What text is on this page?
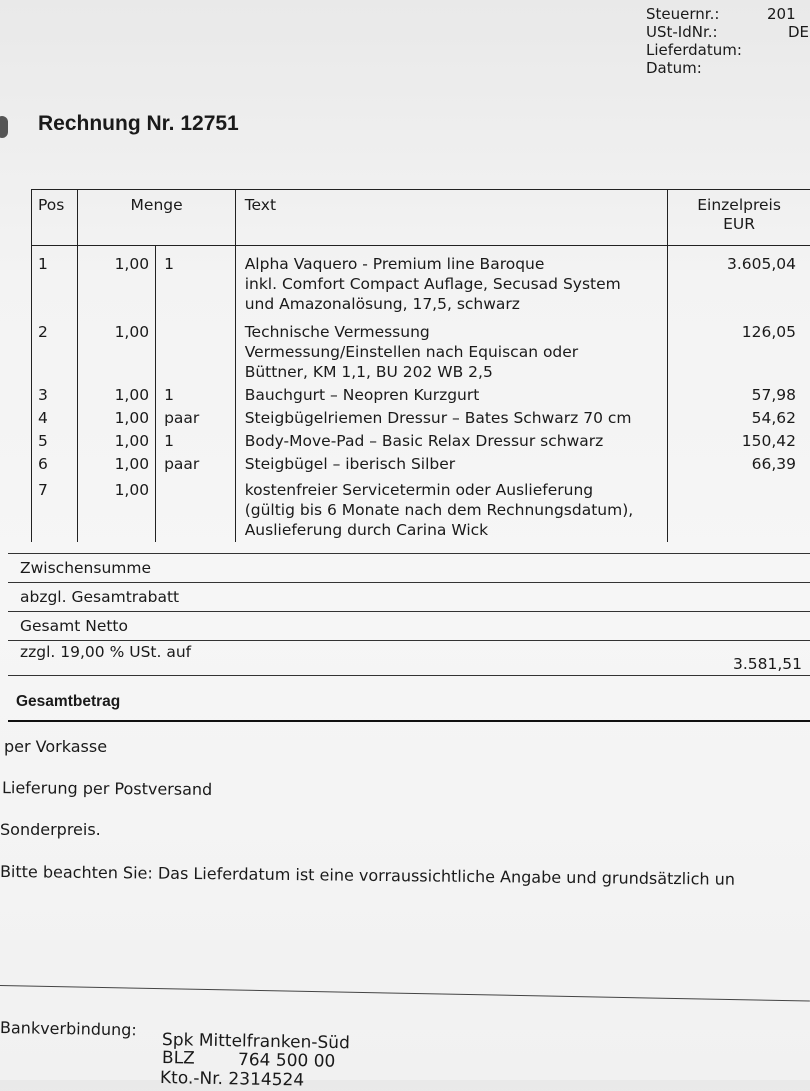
Steuernr.:	201
USt-IdNr.:	DE
Lieferdatum:
Datum:
Rechnung Nr. 12751
Pos	Menge		Text	Einzelpreis
EUR

1	1,00	1	Alpha Vaquero - Premium line Baroque
inkl. Comfort Compact Auflage, Secusad System
und Amazonalösung, 17,5, schwarz	3.605,04
2	1,00		Technische Vermessung
Vermessung/Einstellen nach Equiscan oder
Büttner, KM 1,1, BU 202 WB 2,5	126,05
3	1,00	1	Bauchgurt – Neopren Kurzgurt	57,98
4	1,00	paar	Steigbügelriemen Dressur – Bates Schwarz 70 cm	54,62
5	1,00	1	Body-Move-Pad – Basic Relax Dressur schwarz	150,42
6	1,00	paar	Steigbügel – iberisch Silber	66,39
7	1,00		kostenfreier Servicetermin oder Auslieferung
(gültig bis 6 Monate nach dem Rechnungsdatum),
Auslieferung durch Carina Wick	

Zwischensumme
abzgl. Gesamtrabatt
Gesamt Netto
zzgl. 19,00 % USt. auf
3.581,51
Gesamtbetrag
per Vorkasse
Lieferung per Postversand
Sonderpreis.
Bitte beachten Sie: Das Lieferdatum ist eine vorraussichtliche Angabe und grundsätzlich un
Bankverbindung:
Spk Mittelfranken-Süd
BLZ	764 500 00
Kto.-Nr. 2314524
